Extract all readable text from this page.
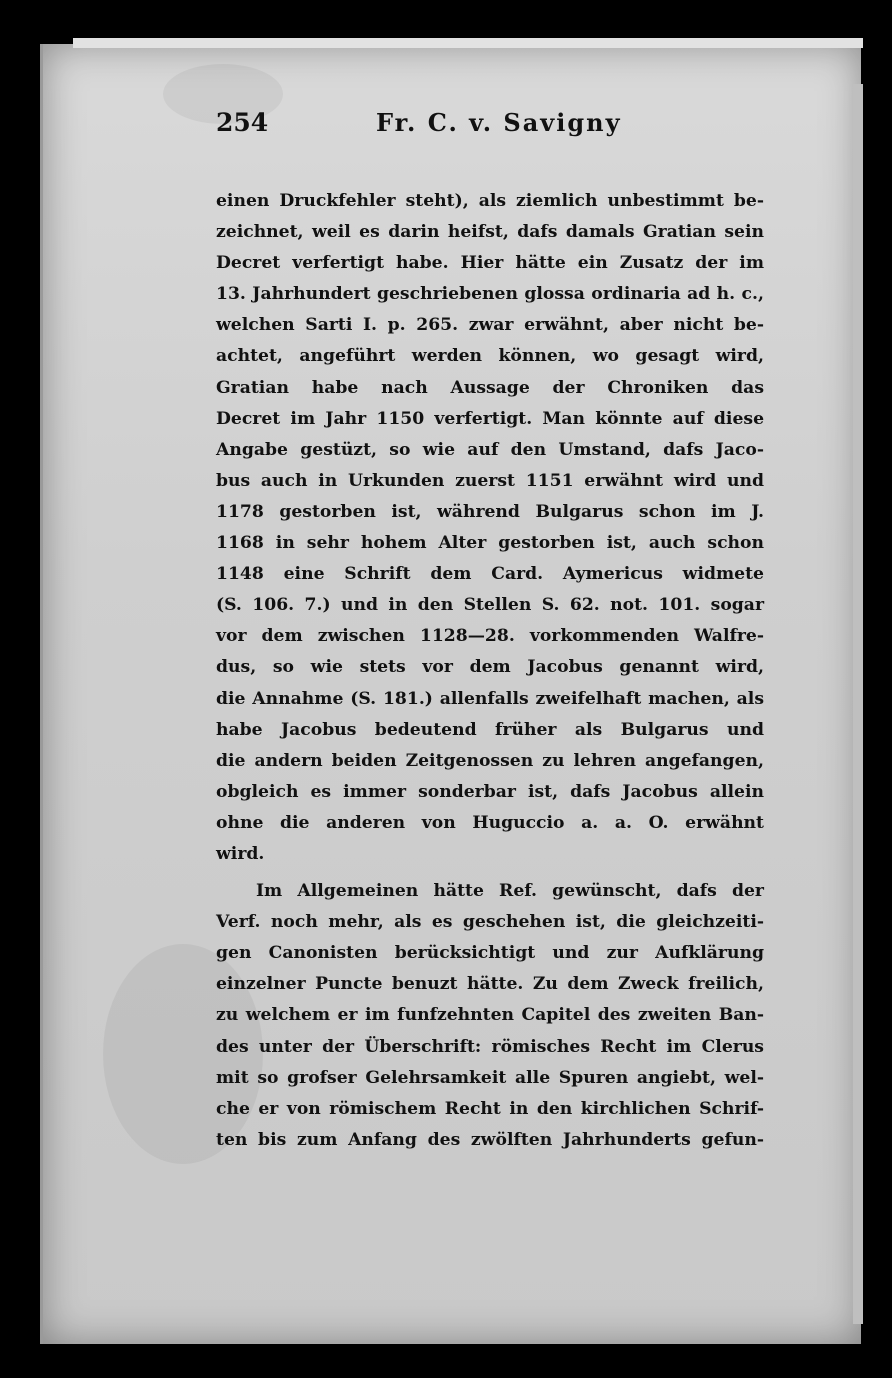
254	Fr. C. v. Savigny
einen Druckfehler steht), als ziemlich unbestimmt be-
zeichnet, weil es darin heifst, dafs damals Gratian sein
Decret verfertigt habe. Hier hätte ein Zusatz der im
13. Jahrhundert geschriebenen glossa ordinaria ad h. c.,
welchen Sarti I. p. 265. zwar erwähnt, aber nicht be-
achtet, angeführt werden können, wo gesagt wird,
Gratian habe nach Aussage der Chroniken das
Decret im Jahr 1150 verfertigt. Man könnte auf diese
Angabe gestüzt, so wie auf den Umstand, dafs Jaco-
bus auch in Urkunden zuerst 1151 erwähnt wird und
1178 gestorben ist, während Bulgarus schon im J.
1168 in sehr hohem Alter gestorben ist, auch schon
1148 eine Schrift dem Card. Aymericus widmete
(S. 106. 7.) und in den Stellen S. 62. not. 101. sogar
vor dem zwischen 1128—28. vorkommenden Walfre-
dus, so wie stets vor dem Jacobus genannt wird,
die Annahme (S. 181.) allenfalls zweifelhaft machen, als
habe Jacobus bedeutend früher als Bulgarus und
die andern beiden Zeitgenossen zu lehren angefangen,
obgleich es immer sonderbar ist, dafs Jacobus allein
ohne die anderen von Huguccio a. a. O. erwähnt
wird.
Im Allgemeinen hätte Ref. gewünscht, dafs der
Verf. noch mehr, als es geschehen ist, die gleichzeiti-
gen Canonisten berücksichtigt und zur Aufklärung
einzelner Puncte benuzt hätte. Zu dem Zweck freilich,
zu welchem er im funfzehnten Capitel des zweiten Ban-
des unter der Überschrift: römisches Recht im Clerus
mit so grofser Gelehrsamkeit alle Spuren angiebt, wel-
che er von römischem Recht in den kirchlichen Schrif-
ten bis zum Anfang des zwölften Jahrhunderts gefun-
